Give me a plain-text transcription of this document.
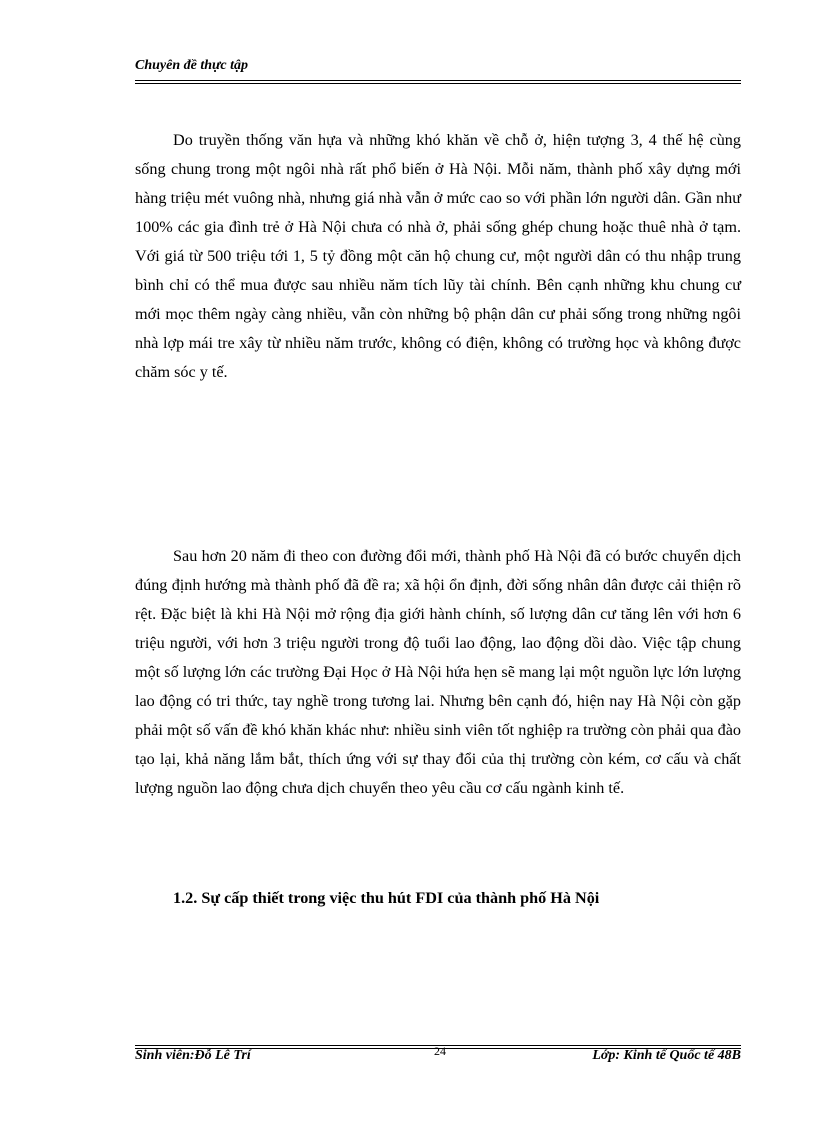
Chuyên đề thực tập

Do truyền thống văn hựa và những khó khăn về chỗ ở, hiện tượng 3, 4 thế hệ cùng sống chung trong một ngôi nhà rất phổ biến ở Hà Nội. Mỗi năm, thành phố xây dựng mới hàng triệu mét vuông nhà, nhưng giá nhà vẫn ở mức cao so với phần lớn người dân. Gần như 100% các gia đình trẻ ở Hà Nội chưa có nhà ở, phải sống ghép chung hoặc thuê nhà ở tạm. Với giá từ 500 triệu tới 1, 5 tỷ đồng một căn hộ chung cư, một người dân có thu nhập trung bình chỉ có thể mua được sau nhiều năm tích lũy tài chính. Bên cạnh những khu chung cư mới mọc thêm ngày càng nhiều, vẫn còn những bộ phận dân cư phải sống trong những ngôi nhà lợp mái tre xây từ nhiều năm trước, không có điện, không có trường học và không được chăm sóc y tế.

Sau hơn 20 năm đi theo con đường đổi mới, thành phố Hà Nội đã có bước chuyển dịch đúng định hướng mà thành phố đã đề ra; xã hội ổn định, đời sống nhân dân được cải thiện rõ rệt. Đặc biệt là khi Hà Nội mở rộng địa giới hành chính, số lượng dân cư tăng lên với hơn 6 triệu người, với hơn 3 triệu người trong độ tuổi lao động, lao động dồi dào. Việc tập chung một số lượng lớn các trường Đại Học ở Hà Nội hứa hẹn sẽ mang lại một nguồn lực lớn lượng lao động có tri thức, tay nghề trong tương lai. Nhưng bên cạnh đó, hiện nay Hà Nội còn gặp phải một số vấn đề khó khăn khác như: nhiều sinh viên tốt nghiệp ra trường còn phải qua đào tạo lại, khả năng lắm bắt, thích ứng với sự thay đổi của thị trường còn kém, cơ cấu và chất lượng nguồn lao động chưa dịch chuyển theo yêu cầu cơ cấu ngành kinh tế.

1.2. Sự cấp thiết trong việc thu hút FDI của thành phố Hà Nội

Sinh viên:Đỗ Lê Trí	24	Lớp: Kinh tế Quốc tế 48B
